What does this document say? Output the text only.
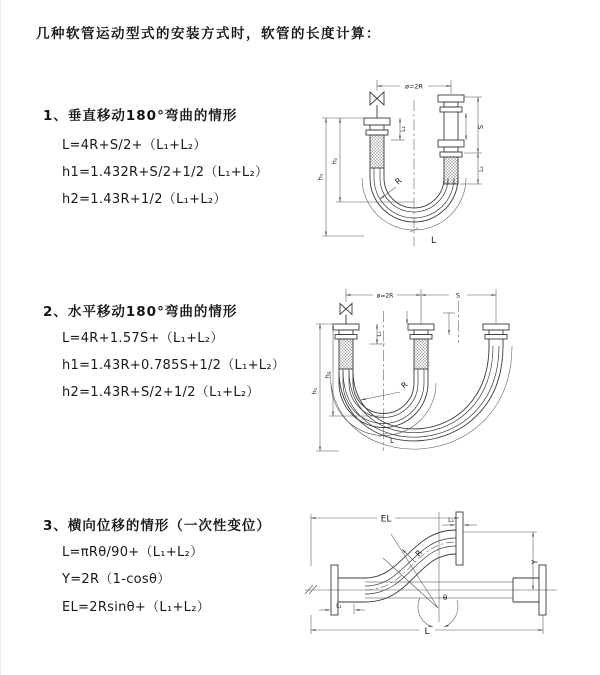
几种软管运动型式的安装方式时，软管的长度计算：
1、垂直移动180°弯曲的情形
L=4R+S/2+（L₁+L₂）
h1=1.432R+S/2+1/2（L₁+L₂）
h2=1.43R+1/2（L₁+L₂）
2、水平移动180°弯曲的情形
L=4R+1.57S+（L₁+L₂）
h1=1.43R+0.785S+1/2（L₁+L₂）
h2=1.43R+S/2+1/2（L₁+L₂）
3、横向位移的情形（一次性变位）
L=πRθ/90+（L₁+L₂）
Y=2R（1-cosθ）
EL=2Rsinθ+（L₁+L₂）
ø=2R
L₁
h₁
h₂
S
L₂
R
L
ø=2R	S
h₁
h₂
L₁
R
L
EL	L₂
Y
R
θ
L
L₁
